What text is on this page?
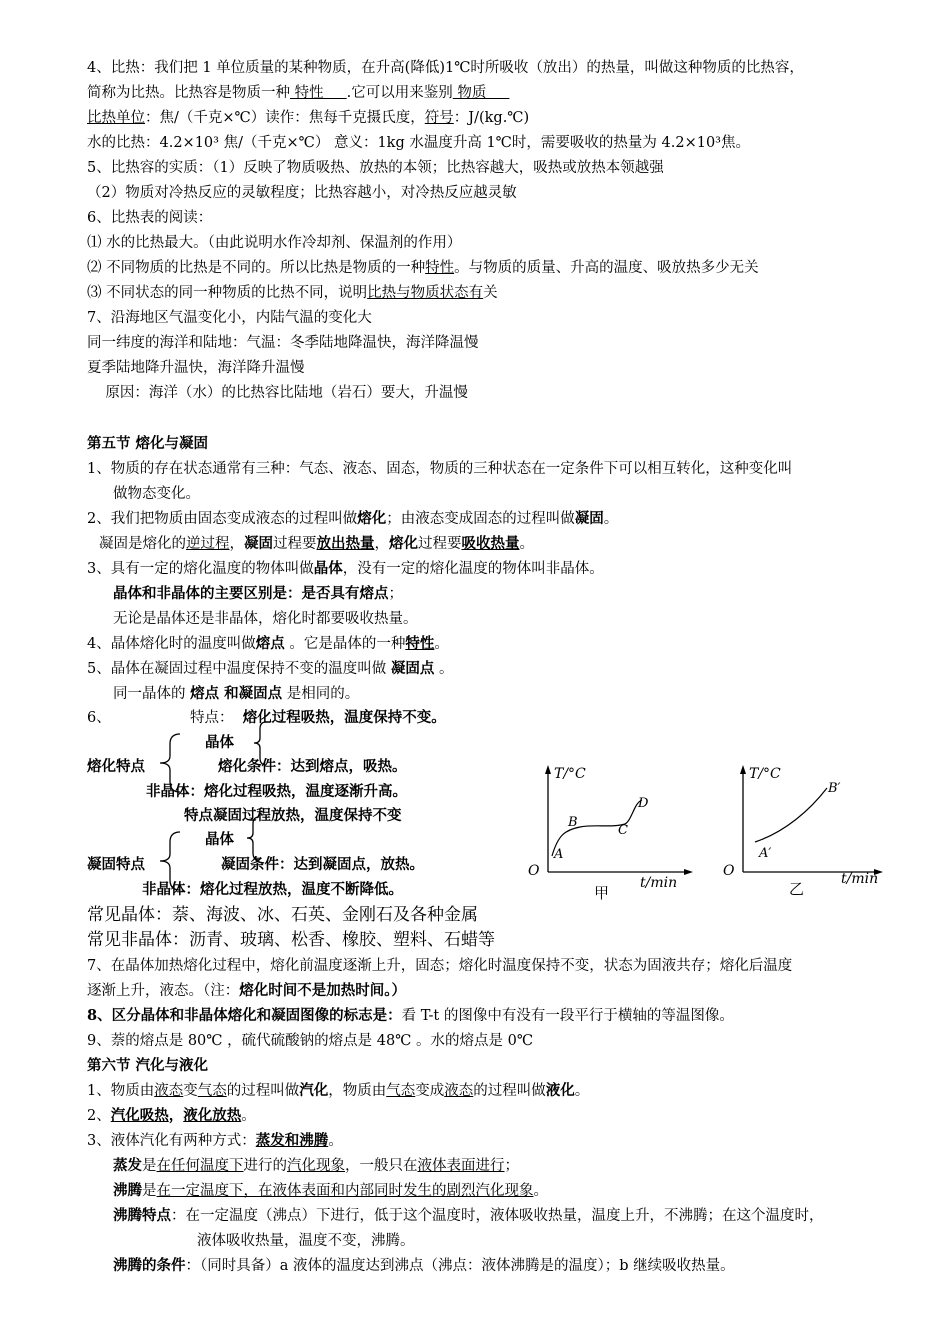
4、比热：我们把 1 单位质量的某种物质，在升高(降低)1℃时所吸收（放出）的热量，叫做这种物质的比热容，
简称为比热。比热容是物质一种 特性     .它可以用来鉴别 物质
比热单位：焦/（千克×℃）读作：焦每千克摄氏度，符号：J/(kg.℃)
水的比热：4.2×10³ 焦/（千克×℃） 意义：1kg 水温度升高 1℃时，需要吸收的热量为 4.2×10³焦。
5、比热容的实质：（1）反映了物质吸热、放热的本领；比热容越大，吸热或放热本领越强
（2）物质对冷热反应的灵敏程度；比热容越小，对冷热反应越灵敏
6、比热表的阅读：
⑴ 水的比热最大。（由此说明水作冷却剂、保温剂的作用）
⑵ 不同物质的比热是不同的。所以比热是物质的一种特性。与物质的质量、升高的温度、吸放热多少无关
⑶ 不同状态的同一种物质的比热不同，说明比热与物质状态有关
7、沿海地区气温变化小，内陆气温的变化大
同一纬度的海洋和陆地：气温：冬季陆地降温快，海洋降温慢
夏季陆地降升温快，海洋降升温慢
原因：海洋（水）的比热容比陆地（岩石）要大，升温慢
第五节 熔化与凝固
1、物质的存在状态通常有三种：气态、液态、固态，物质的三种状态在一定条件下可以相互转化，这种变化叫
做物态变化。
2、我们把物质由固态变成液态的过程叫做熔化；由液态变成固态的过程叫做凝固。
凝固是熔化的逆过程，凝固过程要放出热量，熔化过程要吸收热量。
3、具有一定的熔化温度的物体叫做晶体，没有一定的熔化温度的物体叫非晶体。
晶体和非晶体的主要区别是：是否具有熔点；
无论是晶体还是非晶体，熔化时都要吸收热量。
4、晶体熔化时的温度叫做熔点 。它是晶体的一种特性。
5、晶体在凝固过程中温度保持不变的温度叫做 凝固点 。
同一晶体的 熔点 和凝固点 是相同的。
6、	特点： 熔化过程吸热，温度保持不变。
晶体
熔化特点	熔化条件：达到熔点，吸热。
非晶体：熔化过程吸热，温度逐渐升高。
特点凝固过程放热，温度保持不变
晶体
凝固特点	凝固条件：达到凝固点，放热。
非晶体：熔化过程放热，温度不断降低。
T/°C
O
t/min
A
B
C
D
甲
T/°C
O	t/min
A′
B′
乙
常见晶体：萘、海波、冰、石英、金刚石及各种金属
常见非晶体：沥青、玻璃、松香、橡胶、塑料、石蜡等
7、在晶体加热熔化过程中，熔化前温度逐渐上升，固态；熔化时温度保持不变，状态为固液共存；熔化后温度
逐渐上升，液态。（注：熔化时间不是加热时间。）
8、区分晶体和非晶体熔化和凝固图像的标志是：看 T-t 的图像中有没有一段平行于横轴的等温图像。
9、萘的熔点是 80℃ ，硫代硫酸钠的熔点是 48℃ 。水的熔点是 0℃
第六节 汽化与液化
1、物质由液态变气态的过程叫做汽化，物质由气态变成液态的过程叫做液化。
2、汽化吸热，液化放热。
3、液体汽化有两种方式：蒸发和沸腾。
蒸发是在任何温度下进行的汽化现象，一般只在液体表面进行；
沸腾是在一定温度下，在液体表面和内部同时发生的剧烈汽化现象。
沸腾特点：在一定温度（沸点）下进行，低于这个温度时，液体吸收热量，温度上升，不沸腾；在这个温度时，
液体吸收热量，温度不变，沸腾。
沸腾的条件：（同时具备）a 液体的温度达到沸点（沸点：液体沸腾是的温度）；b 继续吸收热量。
